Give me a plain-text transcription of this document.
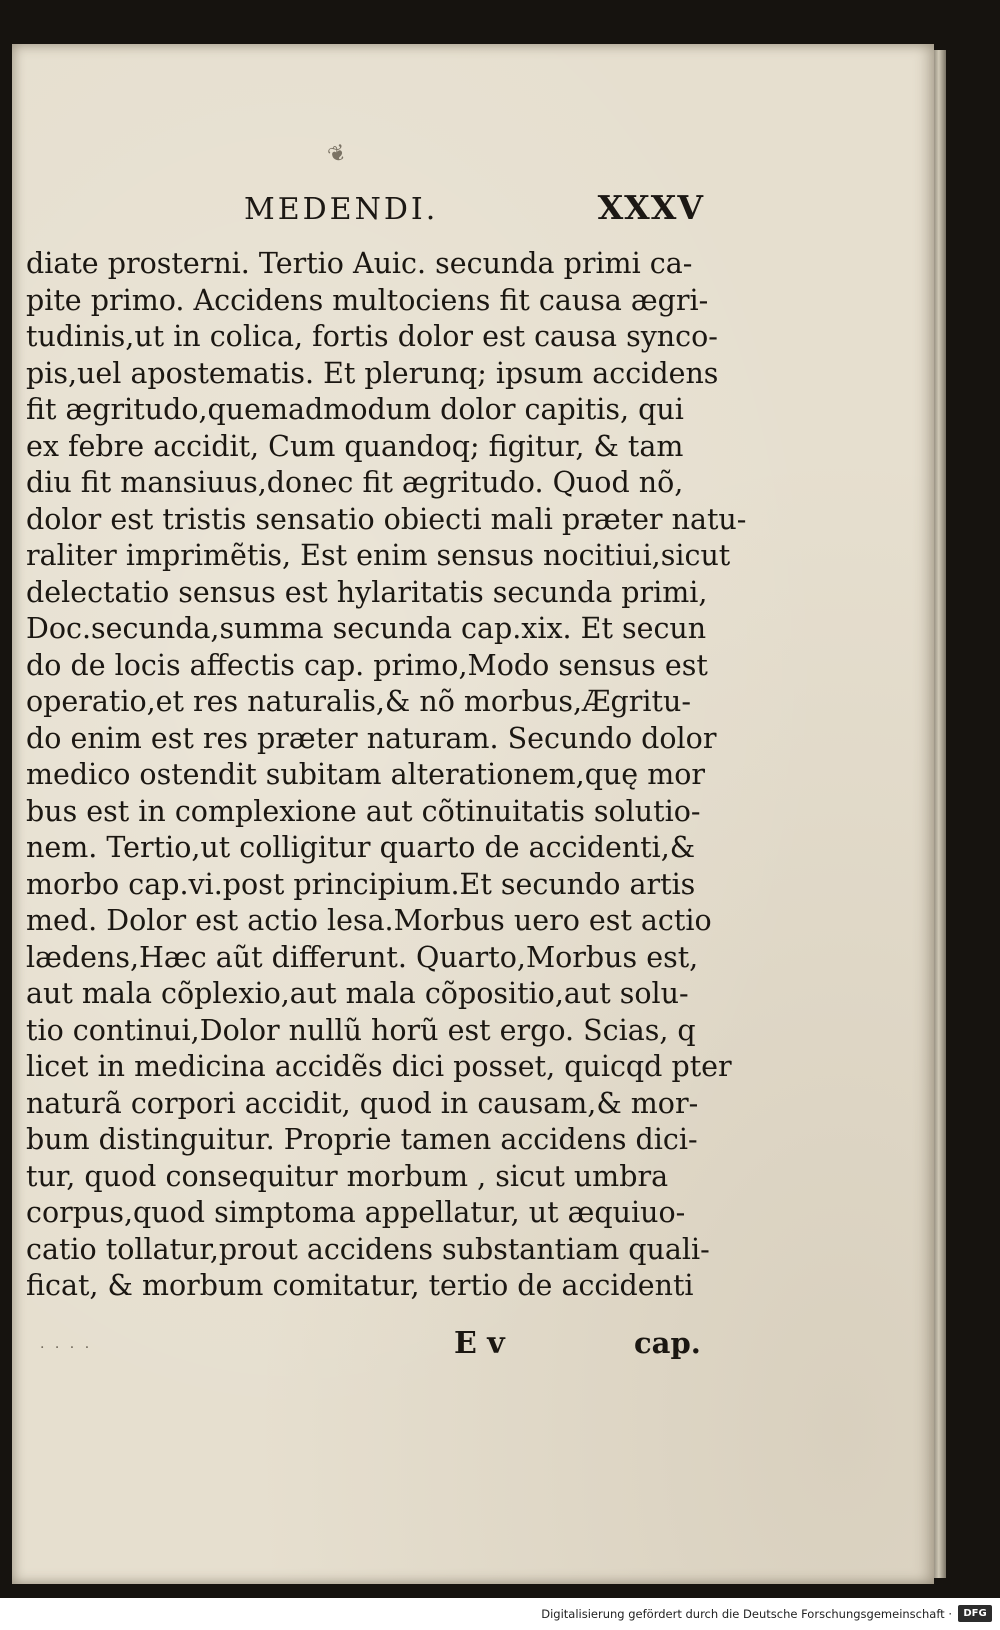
❦
MEDENDI.	XXXV
diate prosterni. Tertio Auic. secunda primi ca-
pite primo. Accidens multociens fit causa ægri-
tudinis,ut in colica, fortis dolor est causa synco-
pis,uel apostematis. Et plerunq; ipsum accidens
fit ægritudo,quemadmodum dolor capitis, qui
ex febre accidit, Cum quandoq; figitur, & tam
diu fit mansiuus,donec fit ægritudo. Quod nõ,
dolor est tristis sensatio obiecti mali præter natu-
raliter imprimẽtis, Est enim sensus nocitiui,sicut
delectatio sensus est hylaritatis secunda primi,
Doc.secunda,summa secunda cap.xix. Et secun
do de locis affectis cap. primo,Modo sensus est
operatio,et res naturalis,& nõ morbus,Ægritu-
do enim est res præter naturam. Secundo dolor
medico ostendit subitam alterationem,quę mor
bus est in complexione aut cõtinuitatis solutio-
nem. Tertio,ut colligitur quarto de accidenti,&
morbo cap.vi.post principium.Et secundo artis
med. Dolor est actio lesa.Morbus uero est actio
lædens,Hæc aũt differunt. Quarto,Morbus est,
aut mala cõplexio,aut mala cõpositio,aut solu-
tio continui,Dolor nullũ horũ est ergo. Scias, q
licet in medicina accidẽs dici posset, quicqd pter
naturã corpori accidit, quod in causam,& mor-
bum distinguitur. Proprie tamen accidens dici-
tur, quod consequitur morbum , sicut umbra
corpus,quod simptoma appellatur, ut æquiuo-
catio tollatur,prout accidens substantiam quali-
ficat, & morbum comitatur, tertio de accidenti
· · · ·	E v	cap.
Digitalisierung gefördert durch die Deutsche Forschungsgemeinschaft ·	DFG
